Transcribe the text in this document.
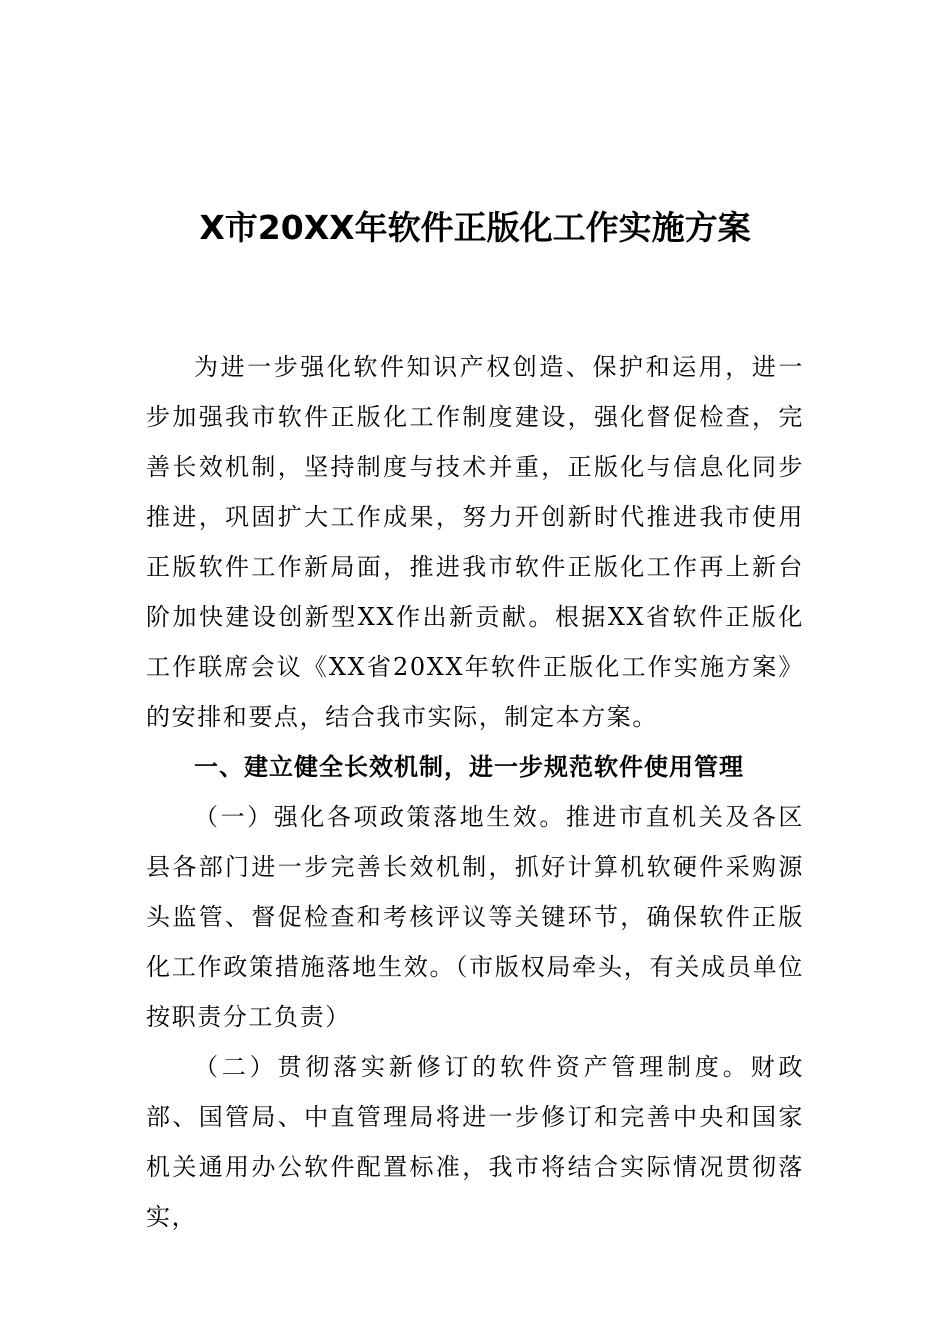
X市20XX年软件正版化工作实施方案

为进一步强化软件知识产权创造、保护和运用，进一步加强我市软件正版化工作制度建设，强化督促检查，完善长效机制，坚持制度与技术并重，正版化与信息化同步推进，巩固扩大工作成果，努力开创新时代推进我市使用正版软件工作新局面，推进我市软件正版化工作再上新台阶加快建设创新型XX作出新贡献。根据XX省软件正版化工作联席会议《XX省20XX年软件正版化工作实施方案》的安排和要点，结合我市实际，制定本方案。

一、建立健全长效机制，进一步规范软件使用管理

（一）强化各项政策落地生效。推进市直机关及各区县各部门进一步完善长效机制，抓好计算机软硬件采购源头监管、督促检查和考核评议等关键环节，确保软件正版化工作政策措施落地生效。（市版权局牵头，有关成员单位按职责分工负责）

（二）贯彻落实新修订的软件资产管理制度。财政部、国管局、中直管理局将进一步修订和完善中央和国家机关通用办公软件配置标准，我市将结合实际情况贯彻落实，
